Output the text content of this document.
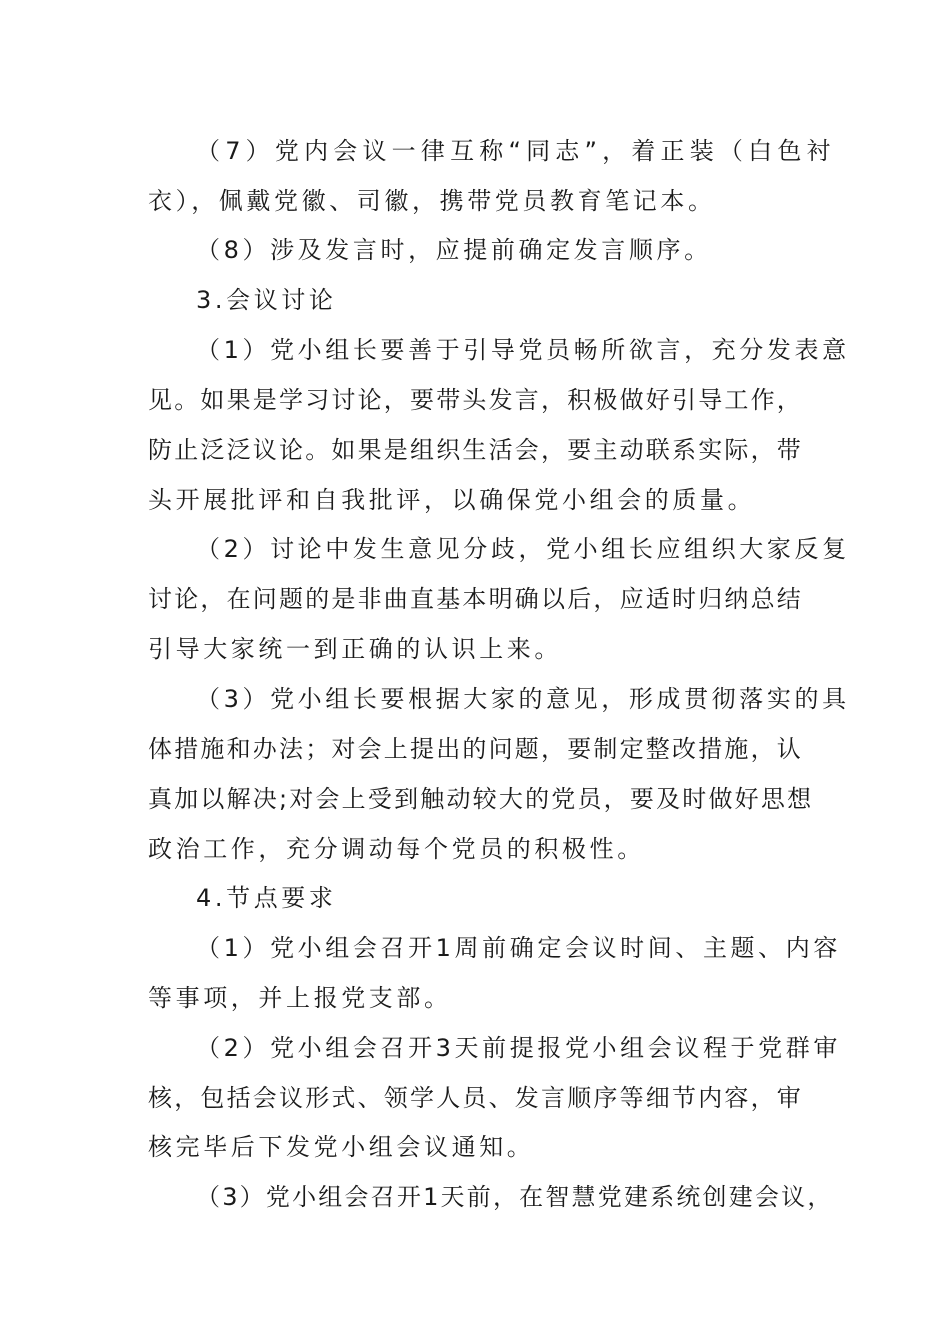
（7）党内会议一律互称“同志”，着正装（白色衬
衣），佩戴党徽、司徽，携带党员教育笔记本。
（8）涉及发言时，应提前确定发言顺序。
3.会议讨论
（1）党小组长要善于引导党员畅所欲言，充分发表意
见。如果是学习讨论，要带头发言，积极做好引导工作，
防止泛泛议论。如果是组织生活会，要主动联系实际，带
头开展批评和自我批评，以确保党小组会的质量。
（2）讨论中发生意见分歧，党小组长应组织大家反复
讨论，在问题的是非曲直基本明确以后，应适时归纳总结
引导大家统一到正确的认识上来。
（3）党小组长要根据大家的意见，形成贯彻落实的具
体措施和办法；对会上提出的问题，要制定整改措施，认
真加以解决;对会上受到触动较大的党员，要及时做好思想
政治工作，充分调动每个党员的积极性。
4.节点要求
（1）党小组会召开1周前确定会议时间、主题、内容
等事项，并上报党支部。
（2）党小组会召开3天前提报党小组会议程于党群审
核，包括会议形式、领学人员、发言顺序等细节内容，审
核完毕后下发党小组会议通知。
（3）党小组会召开1天前，在智慧党建系统创建会议，
